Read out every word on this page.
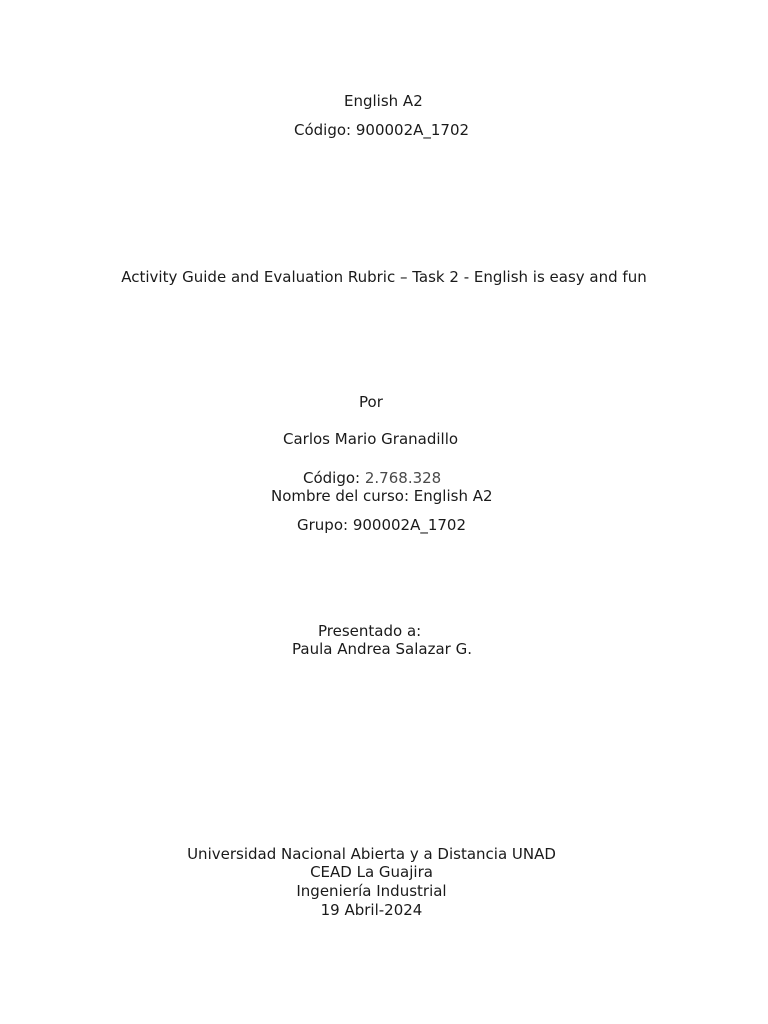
English A2
Código: 900002A_1702
Activity Guide and Evaluation Rubric – Task 2 - English is easy and fun
Por
Carlos Mario Granadillo
Código: 2.768.328
Nombre del curso: English A2
Grupo: 900002A_1702
Presentado a:
Paula Andrea Salazar G.
Universidad Nacional Abierta y a Distancia UNAD
CEAD La Guajira
Ingeniería Industrial
19 Abril-2024
